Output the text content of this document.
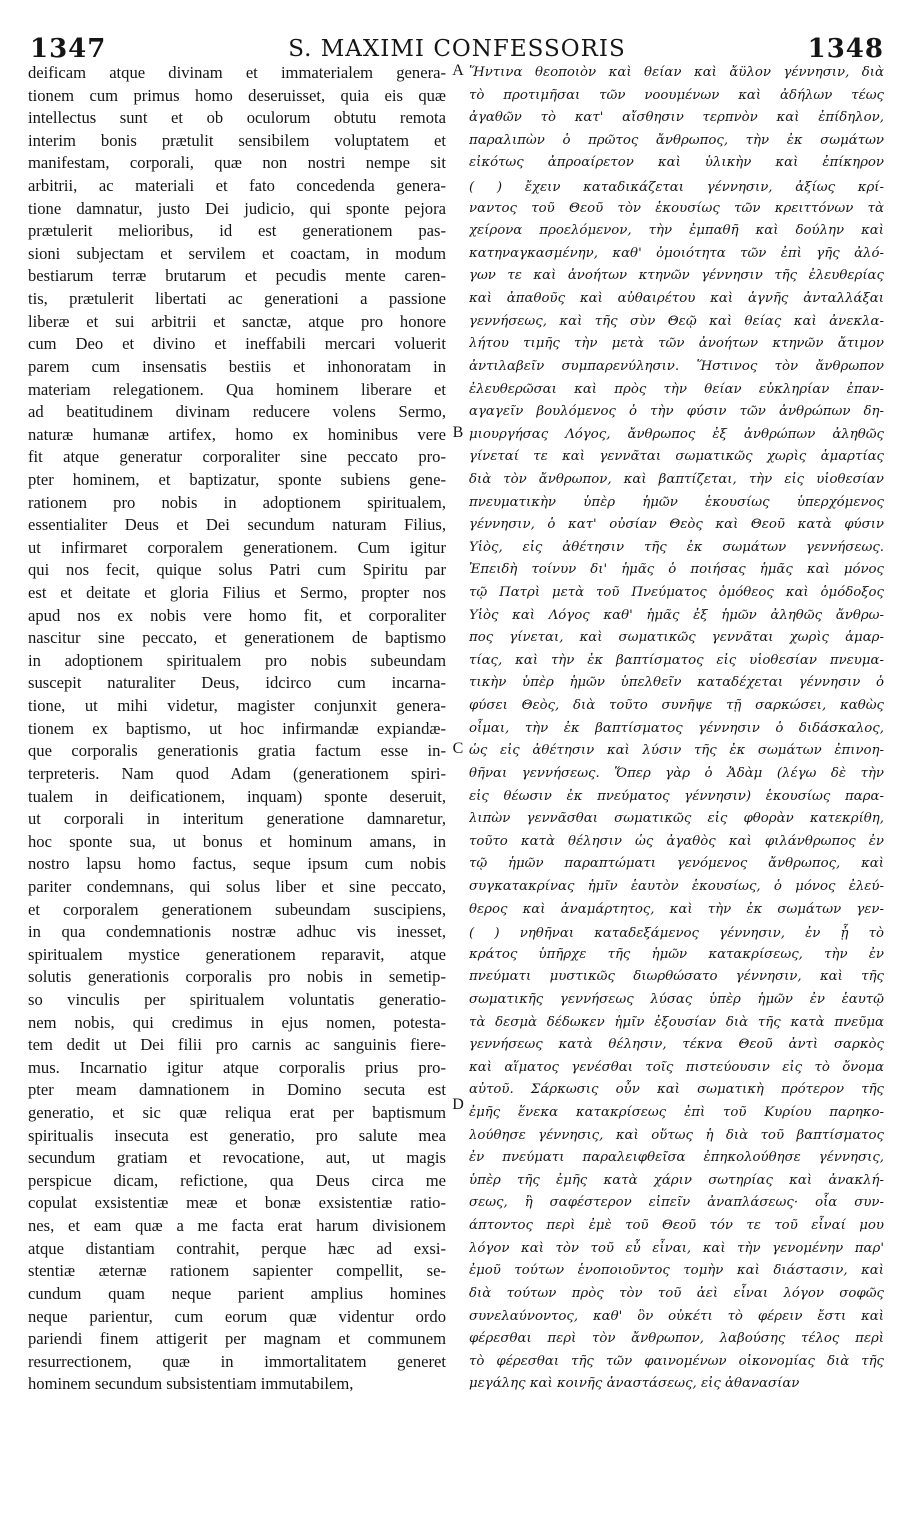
1347	S. MAXIMI CONFESSORIS	1348
deificam atque divinam et immaterialem genera-
tionem cum primus homo deseruisset, quia eis quæ
intellectus sunt et ob oculorum obtutu remota
interim bonis prætulit sensibilem voluptatem et
manifestam, corporali, quæ non nostri nempe sit
arbitrii, ac materiali et fato concedenda genera-
tione damnatur, justo Dei judicio, qui sponte pejora
prætulerit melioribus, id est generationem pas-
sioni subjectam et servilem et coactam, in modum
bestiarum terræ brutarum et pecudis mente caren-
tis, prætulerit libertati ac generationi a passione
liberæ et sui arbitrii et sanctæ, atque pro honore
cum Deo et divino et ineffabili mercari voluerit
parem cum insensatis bestiis et inhonoratam in
materiam relegationem. Qua hominem liberare et
ad beatitudinem divinam reducere volens Sermo,
naturæ humanæ artifex, homo ex hominibus vere
fit atque generatur corporaliter sine peccato pro-
pter hominem, et baptizatur, sponte subiens gene-
rationem pro nobis in adoptionem spiritualem,
essentialiter Deus et Dei secundum naturam Filius,
ut infirmaret corporalem generationem. Cum igitur
qui nos fecit, quique solus Patri cum Spiritu par
est et deitate et gloria Filius et Sermo, propter nos
apud nos ex nobis vere homo fit, et corporaliter
nascitur sine peccato, et generationem de baptismo
in adoptionem spiritualem pro nobis subeundam
suscepit naturaliter Deus, idcirco cum incarna-
tione, ut mihi videtur, magister conjunxit genera-
tionem ex baptismo, ut hoc infirmandæ expiandæ-
que corporalis generationis gratia factum esse in-
terpreteris. Nam quod Adam (generationem spiri-
tualem in deificationem, inquam) sponte deseruit,
ut corporali in interitum generatione damnaretur,
hoc sponte sua, ut bonus et hominum amans, in
nostro lapsu homo factus, seque ipsum cum nobis
pariter condemnans, qui solus liber et sine peccato,
et corporalem generationem subeundam suscipiens,
in qua condemnationis nostræ adhuc vis inesset,
spiritualem mystice generationem reparavit, atque
solutis generationis corporalis pro nobis in semetip-
so vinculis per spiritualem voluntatis generatio-
nem nobis, qui credimus in ejus nomen, potesta-
tem dedit ut Dei filii pro carnis ac sanguinis fiere-
mus. Incarnatio igitur atque corporalis prius pro-
pter meam damnationem in Domino secuta est
generatio, et sic quæ reliqua erat per baptismum
spiritualis insecuta est generatio, pro salute mea
secundum gratiam et revocatione, aut, ut magis
perspicue dicam, refictione, qua Deus circa me
copulat exsistentiæ meæ et bonæ exsistentiæ ratio-
nes, et eam quæ a me facta erat harum divisionem
atque distantiam contrahit, perque hæc ad exsi-
stentiæ æternæ rationem sapienter compellit, se-
cundum quam neque parient amplius homines
neque parientur, cum eorum quæ videntur ordo
pariendi finem attigerit per magnam et communem
resurrectionem, quæ in immortalitatem generet
hominem secundum subsistentiam immutabilem,
A
B
C
D
Ἥντινα θεοποιὸν καὶ θείαν καὶ ἄϋλον γέννησιν, διὰ
τὸ προτιμῆσαι τῶν νοουμένων καὶ ἀδήλων τέως
ἀγαθῶν τὸ κατ' αἴσθησιν τερπνὸν καὶ ἐπίδηλον,
παραλιπὼν ὁ πρῶτος ἄνθρωπος, τὴν ἐκ σωμάτων
εἰκότως ἀπροαίρετον καὶ ὑλικὴν καὶ ἐπίκηρον
( ) ἔχειν καταδικάζεται γέννησιν, ἀξίως κρί-
ναντος τοῦ Θεοῦ τὸν ἑκουσίως τῶν κρειττόνων τὰ
χείρονα προελόμενον, τὴν ἐμπαθῆ καὶ δούλην καὶ
κατηναγκασμένην, καθ' ὁμοιότητα τῶν ἐπὶ γῆς ἀλό-
γων τε καὶ ἀνοήτων κτηνῶν γέννησιν τῆς ἐλευθερίας
καὶ ἀπαθοῦς καὶ αὐθαιρέτου καὶ ἁγνῆς ἀνταλλάξαι
γεννήσεως, καὶ τῆς σὺν Θεῷ καὶ θείας καὶ ἀνεκλα-
λήτου τιμῆς τὴν μετὰ τῶν ἀνοήτων κτηνῶν ἄτιμον
ἀντιλαβεῖν συμπαρενύλησιν. Ἥστινος τὸν ἄνθρωπον
ἐλευθερῶσαι καὶ πρὸς τὴν θείαν εὐκληρίαν ἐπαν-
αγαγεῖν βουλόμενος ὁ τὴν φύσιν τῶν ἀνθρώπων δη-
μιουργήσας Λόγος, ἄνθρωπος ἐξ ἀνθρώπων ἀληθῶς
γίνεταί τε καὶ γεννᾶται σωματικῶς χωρὶς ἁμαρτίας
διὰ τὸν ἄνθρωπον, καὶ βαπτίζεται, τὴν εἰς υἱοθεσίαν
πνευματικὴν ὑπὲρ ἡμῶν ἑκουσίως ὑπερχόμενος
γέννησιν, ὁ κατ' οὐσίαν Θεὸς καὶ Θεοῦ κατὰ φύσιν
Υἱὸς, εἰς ἀθέτησιν τῆς ἐκ σωμάτων γεννήσεως.
Ἐπειδὴ τοίνυν δι' ἡμᾶς ὁ ποιήσας ἡμᾶς καὶ μόνος
τῷ Πατρὶ μετὰ τοῦ Πνεύματος ὁμόθεος καὶ ὁμόδοξος
Υἱὸς καὶ Λόγος καθ' ἡμᾶς ἐξ ἡμῶν ἀληθῶς ἄνθρω-
πος γίνεται, καὶ σωματικῶς γεννᾶται χωρὶς ἁμαρ-
τίας, καὶ τὴν ἐκ βαπτίσματος εἰς υἱοθεσίαν πνευμα-
τικὴν ὑπὲρ ἡμῶν ὑπελθεῖν καταδέχεται γέννησιν ὁ
φύσει Θεὸς, διὰ τοῦτο συνῆψε τῇ σαρκώσει, καθὼς
οἶμαι, τὴν ἐκ βαπτίσματος γέννησιν ὁ διδάσκαλος,
ὡς εἰς ἀθέτησιν καὶ λύσιν τῆς ἐκ σωμάτων ἐπινοη-
θῆναι γεννήσεως. Ὅπερ γὰρ ὁ Ἀδὰμ (λέγω δὲ τὴν
εἰς θέωσιν ἐκ πνεύματος γέννησιν) ἑκουσίως παρα-
λιπὼν γεννᾶσθαι σωματικῶς εἰς φθορὰν κατεκρίθη,
τοῦτο κατὰ θέλησιν ὡς ἀγαθὸς καὶ φιλάνθρωπος ἐν
τῷ ἡμῶν παραπτώματι γενόμενος ἄνθρωπος, καὶ
συγκατακρίνας ἡμῖν ἑαυτὸν ἑκουσίως, ὁ μόνος ἐλεύ-
θερος καὶ ἀναμάρτητος, καὶ τὴν ἐκ σωμάτων γεν-
( ) νηθῆναι καταδεξάμενος γέννησιν, ἐν ᾗ τὸ
κράτος ὑπῆρχε τῆς ἡμῶν κατακρίσεως, τὴν ἐν
πνεύματι μυστικῶς διωρθώσατο γέννησιν, καὶ τῆς
σωματικῆς γεννήσεως λύσας ὑπὲρ ἡμῶν ἐν ἑαυτῷ
τὰ δεσμὰ δέδωκεν ἡμῖν ἐξουσίαν διὰ τῆς κατὰ πνεῦμα
γεννήσεως κατὰ θέλησιν, τέκνα Θεοῦ ἀντὶ σαρκὸς
καὶ αἵματος γενέσθαι τοῖς πιστεύουσιν εἰς τὸ ὄνομα
αὐτοῦ. Σάρκωσις οὖν καὶ σωματικὴ πρότερον τῆς
ἐμῆς ἕνεκα κατακρίσεως ἐπὶ τοῦ Κυρίου παρηκο-
λούθησε γέννησις, καὶ οὕτως ἡ διὰ τοῦ βαπτίσματος
ἐν πνεύματι παραλειφθεῖσα ἐπηκολούθησε γέννησις,
ὑπὲρ τῆς ἐμῆς κατὰ χάριν σωτηρίας καὶ ἀνακλή-
σεως, ἢ σαφέστερον εἰπεῖν ἀναπλάσεως· οἷα συν-
άπτοντος περὶ ἐμὲ τοῦ Θεοῦ τόν τε τοῦ εἶναί μου
λόγον καὶ τὸν τοῦ εὖ εἶναι, καὶ τὴν γενομένην παρ'
ἐμοῦ τούτων ἑνοποιοῦντος τομὴν καὶ διάστασιν, καὶ
διὰ τούτων πρὸς τὸν τοῦ ἀεὶ εἶναι λόγον σοφῶς
συνελαύνοντος, καθ' ὃν οὐκέτι τὸ φέρειν ἔστι καὶ
φέρεσθαι περὶ τὸν ἄνθρωπον, λαβούσης τέλος περὶ
τὸ φέρεσθαι τῆς τῶν φαινομένων οἰκονομίας διὰ τῆς
μεγάλης καὶ κοινῆς ἀναστάσεως, εἰς ἀθανασίαν
